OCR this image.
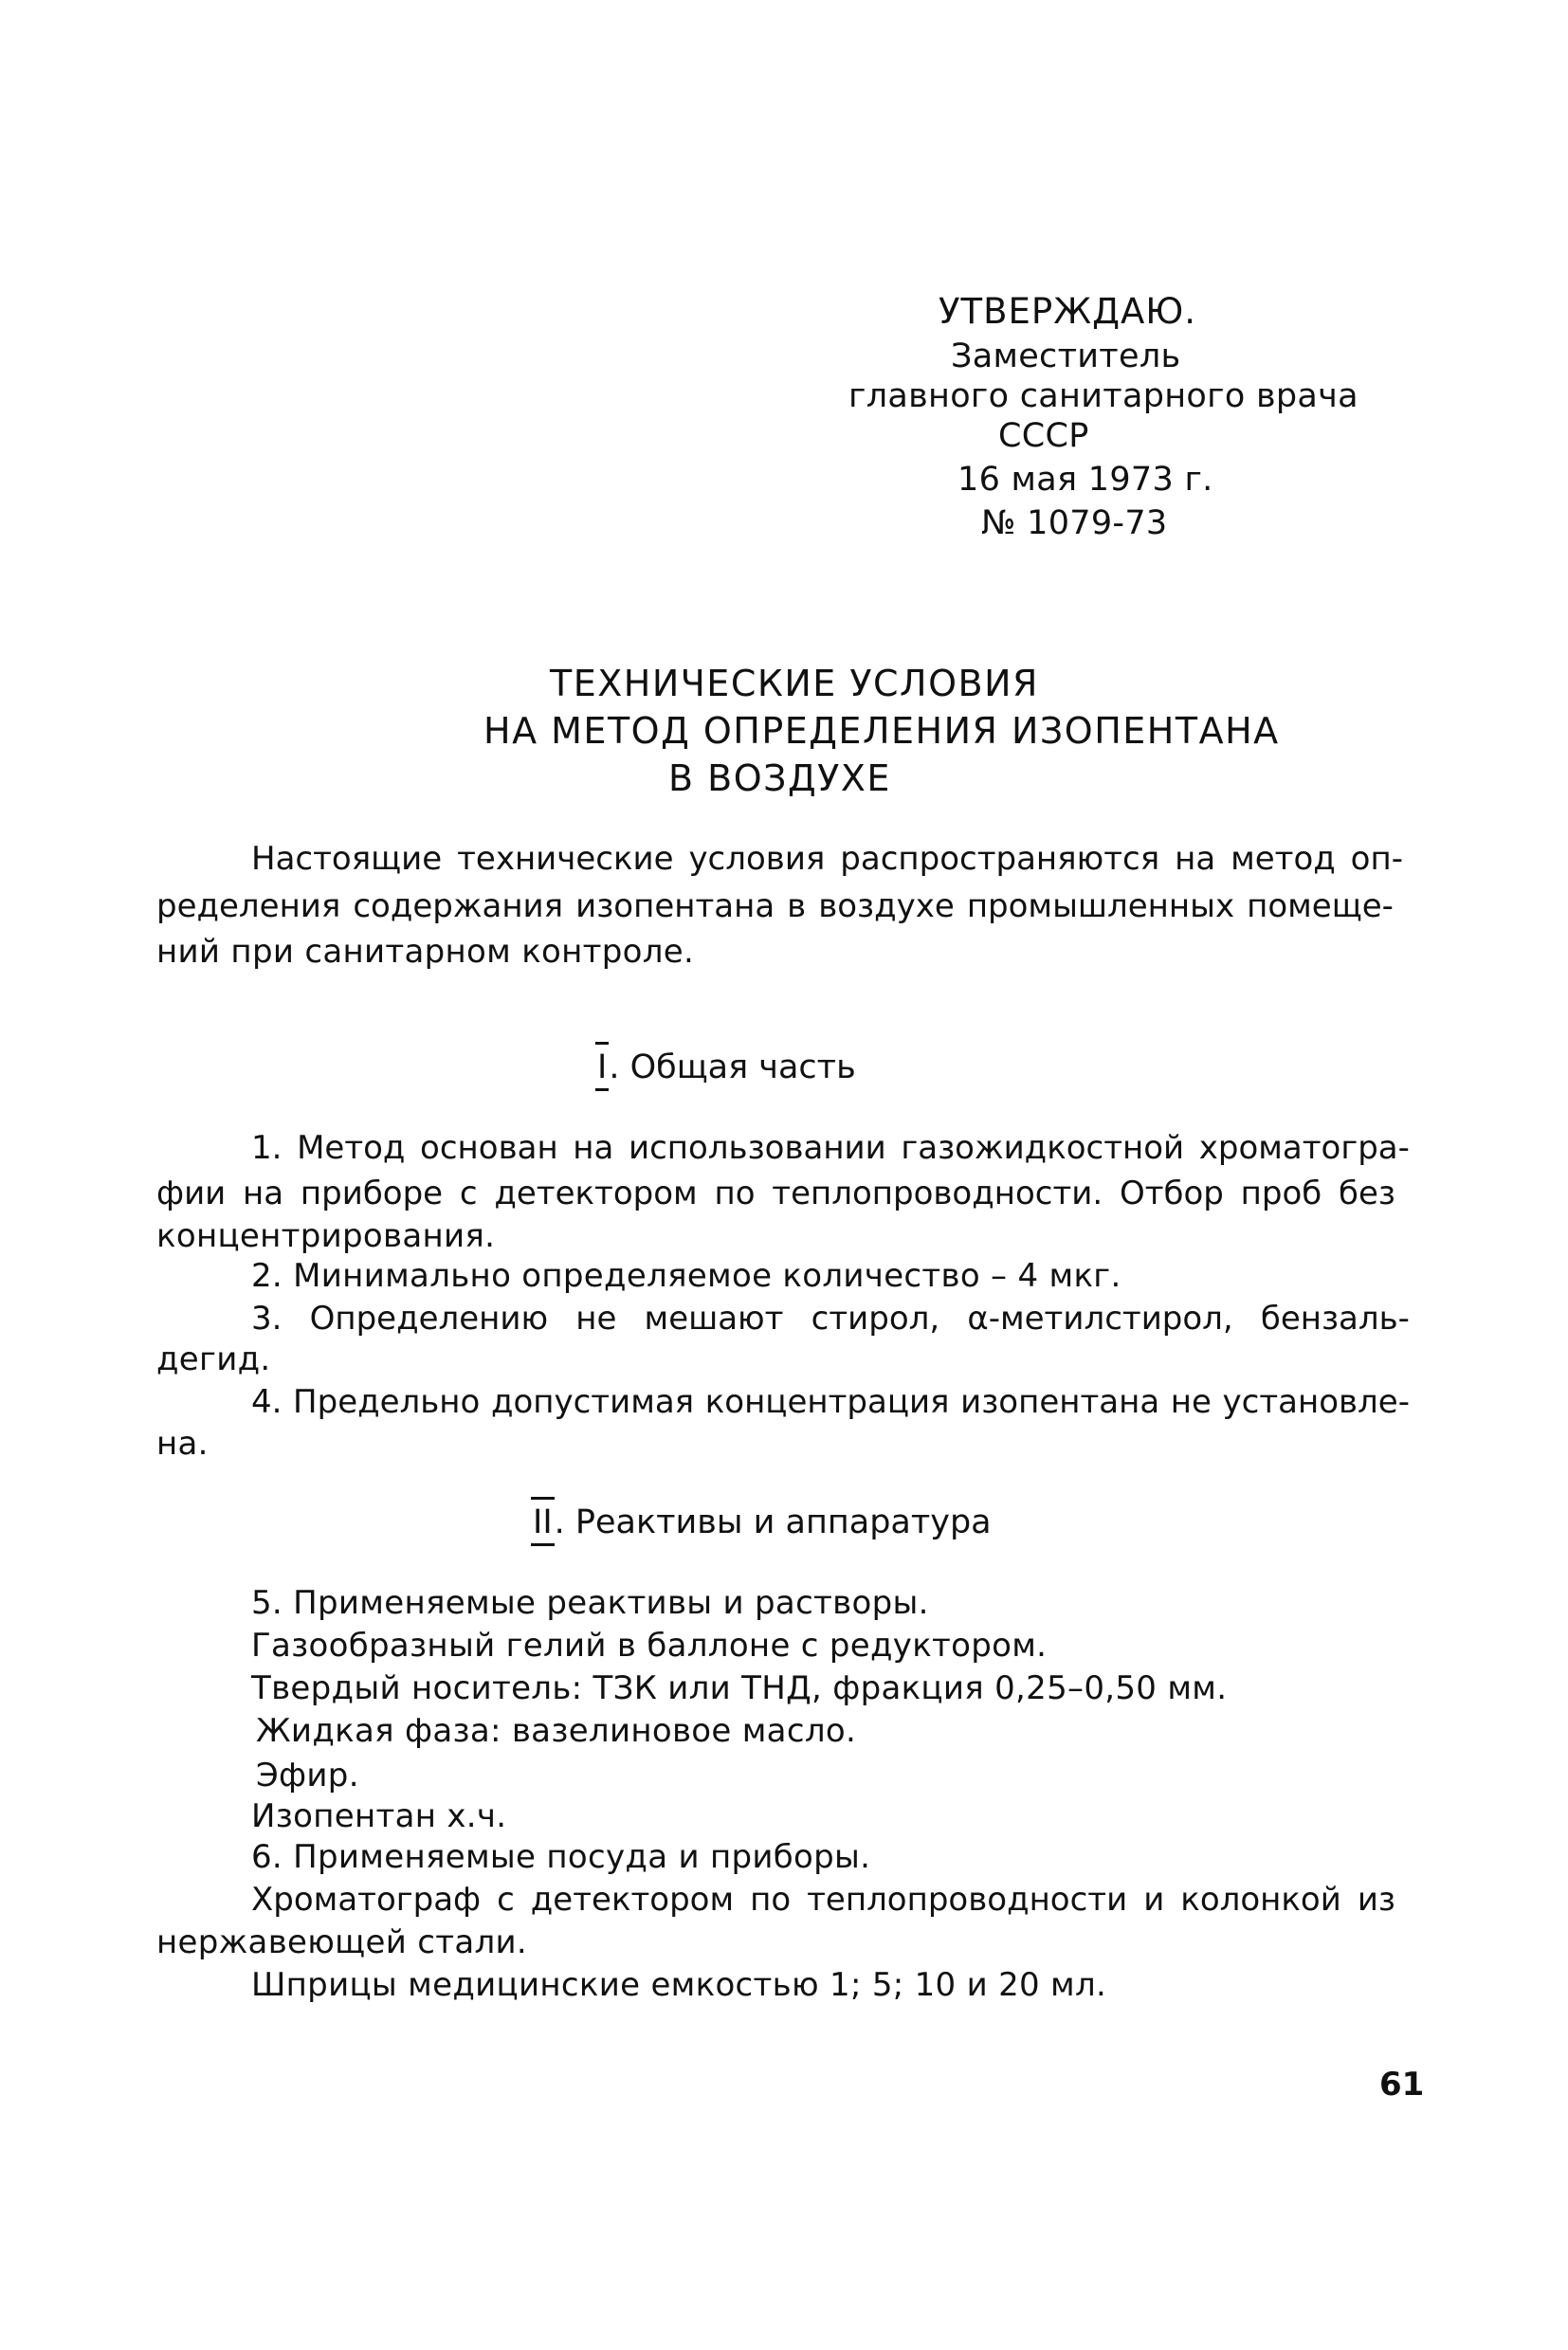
УТВЕРЖДАЮ.
Заместитель
главного санитарного врача
СССР
16 мая 1973 г.
№ 1079-73
ТЕХНИЧЕСКИЕ УСЛОВИЯ
НА МЕТОД ОПРЕДЕЛЕНИЯ ИЗОПЕНТАНА
В ВОЗДУХЕ
Настоящие технические условия распространяются на метод оп-
ределения содержания изопентана в воздухе промышленных помеще-
ний при санитарном контроле.
I. Общая часть
1. Метод основан на использовании газожидкостной хроматогра-
фии на приборе с детектором по теплопроводности. Отбор проб без
концентрирования.
2. Минимально определяемое количество – 4 мкг.
3. Определению не мешают стирол, α-метилстирол, бензаль-
дегид.
4. Предельно допустимая концентрация изопентана не установле-
на.
II. Реактивы и аппаратура
5. Применяемые реактивы и растворы.
Газообразный гелий в баллоне с редуктором.
Твердый носитель: ТЗК или ТНД, фракция 0,25–0,50 мм.
Жидкая фаза: вазелиновое масло.
Эфир.
Изопентан х.ч.
6. Применяемые посуда и приборы.
Хроматограф с детектором по теплопроводности и колонкой из
нержавеющей стали.
Шприцы медицинские емкостью 1; 5; 10 и 20 мл.
61
